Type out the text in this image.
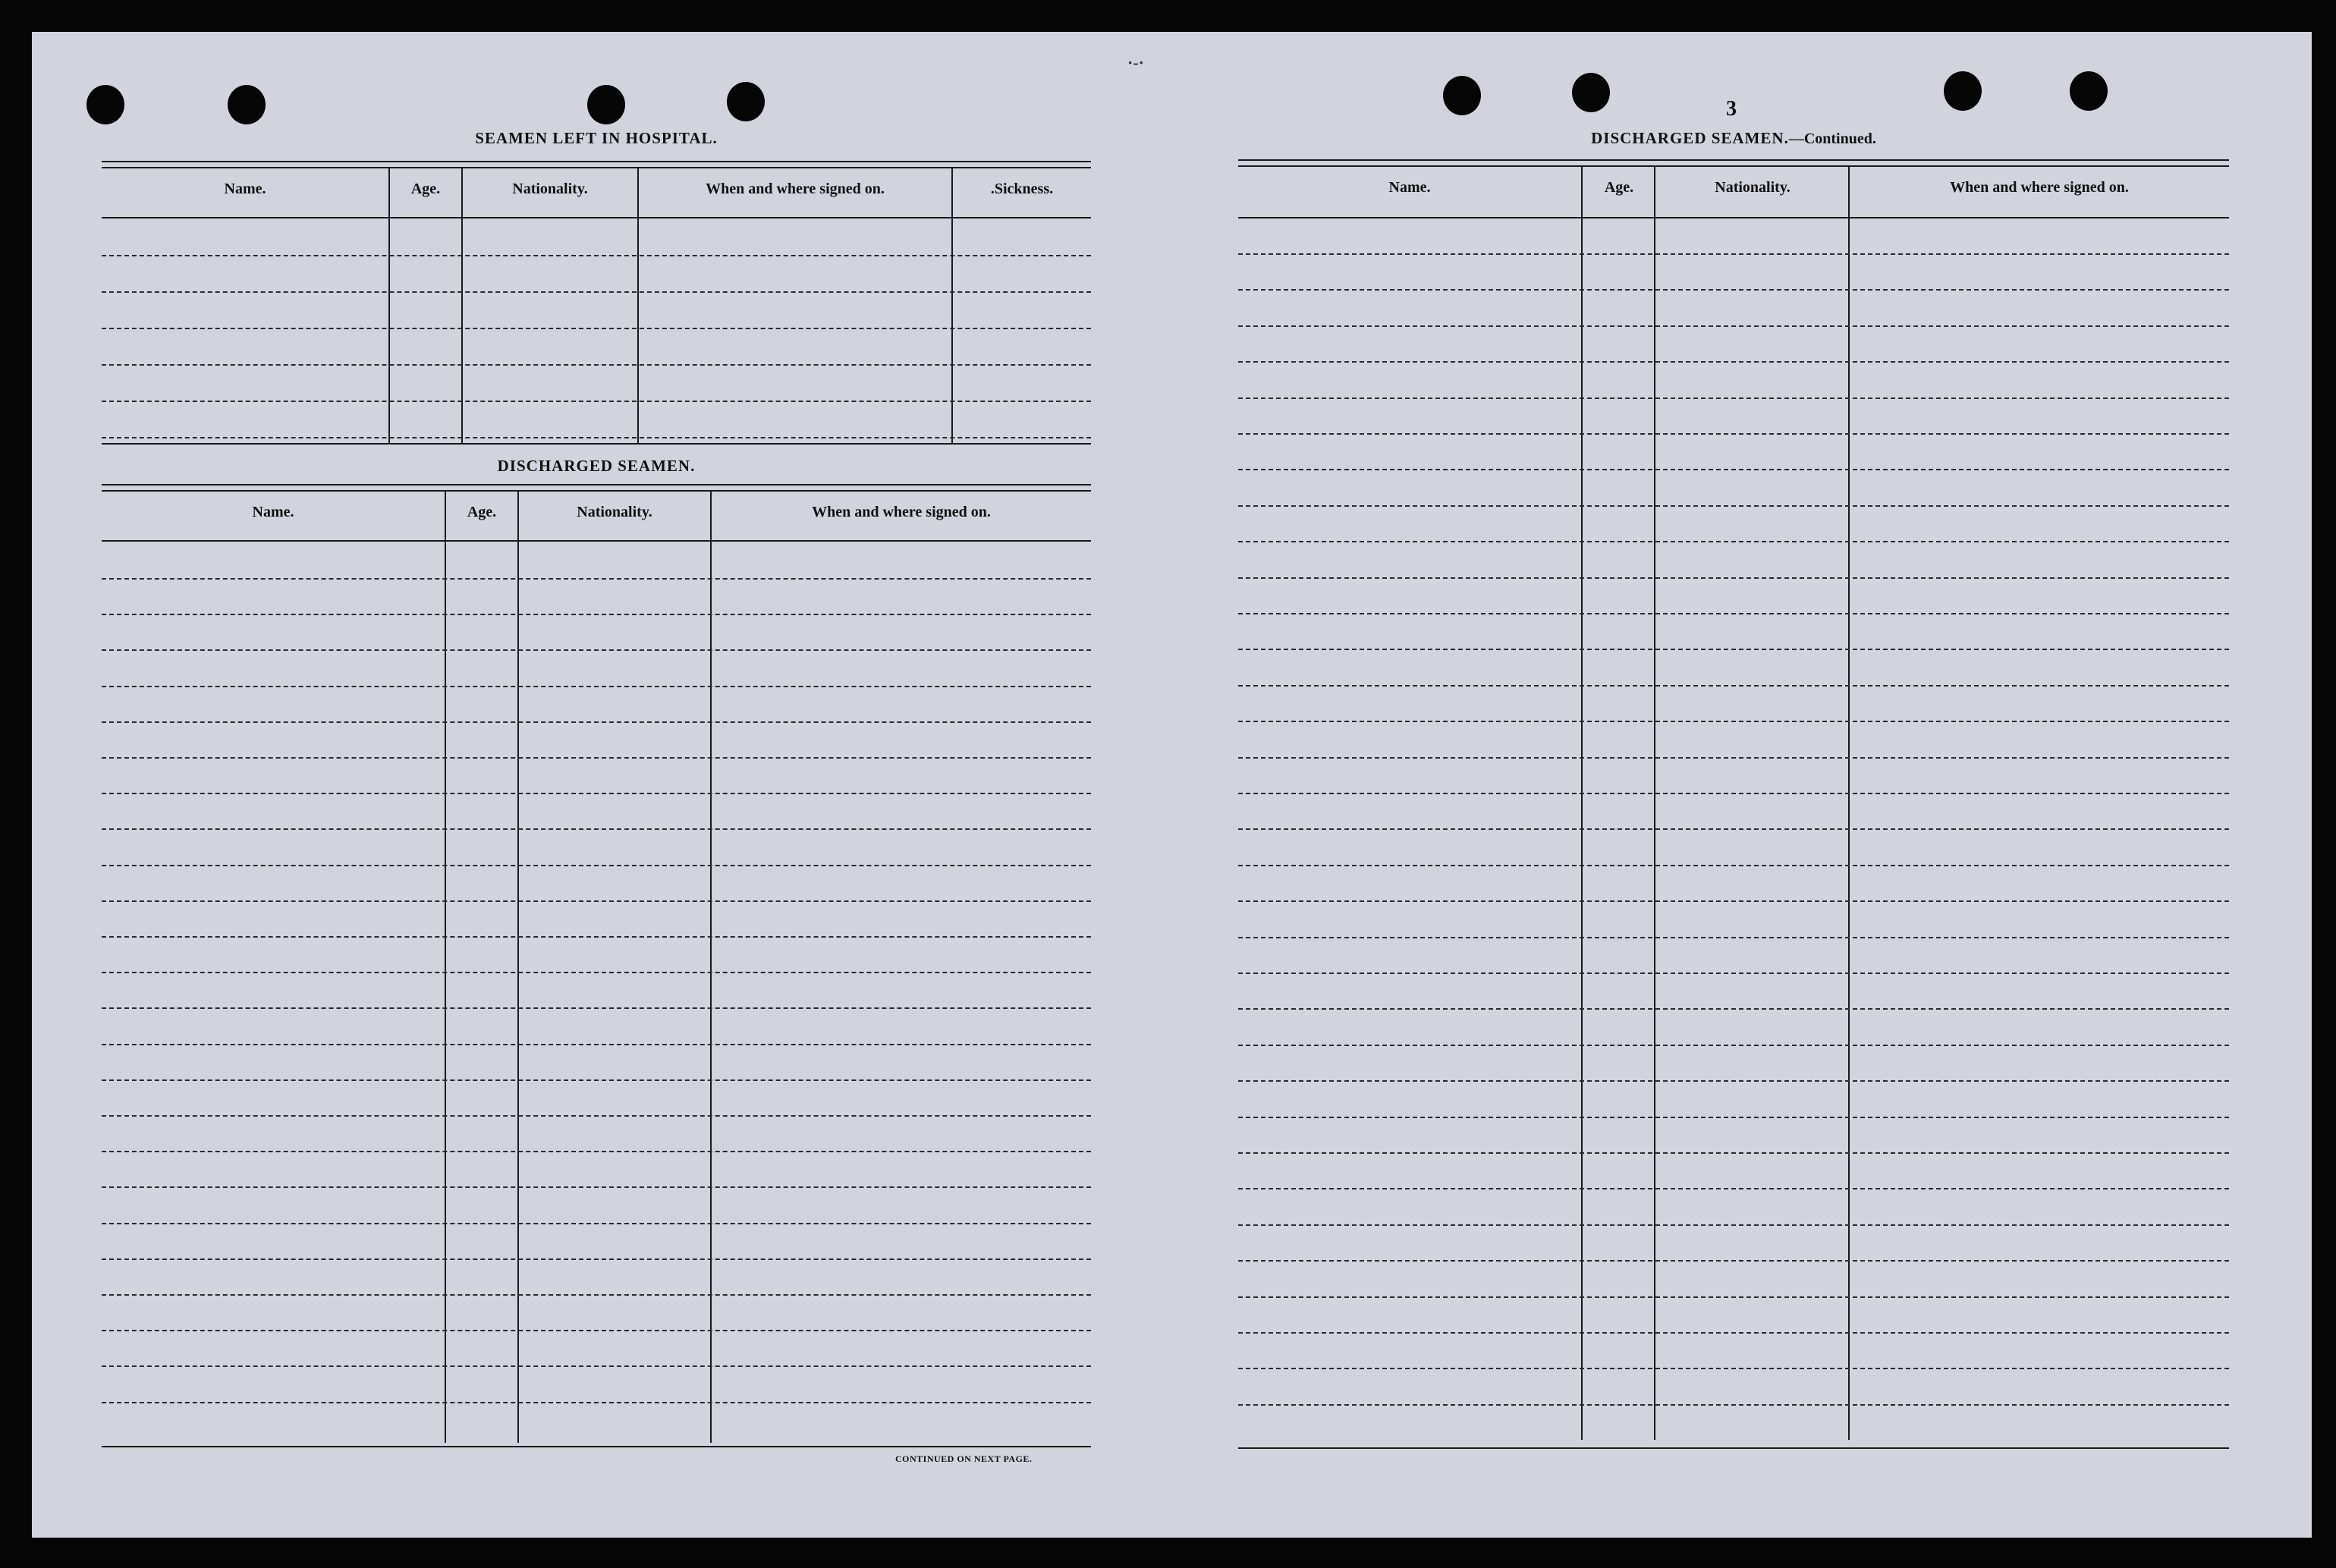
·-·
3
SEAMEN LEFT IN HOSPITAL.
Name.	Age.	Nationality.	When and where signed on.	.Sickness.
DISCHARGED SEAMEN.
Name.	Age.	Nationality.	When and where signed on.
CONTINUED ON NEXT PAGE.
DISCHARGED SEAMEN.—Continued.
Name.	Age.	Nationality.	When and where signed on.
